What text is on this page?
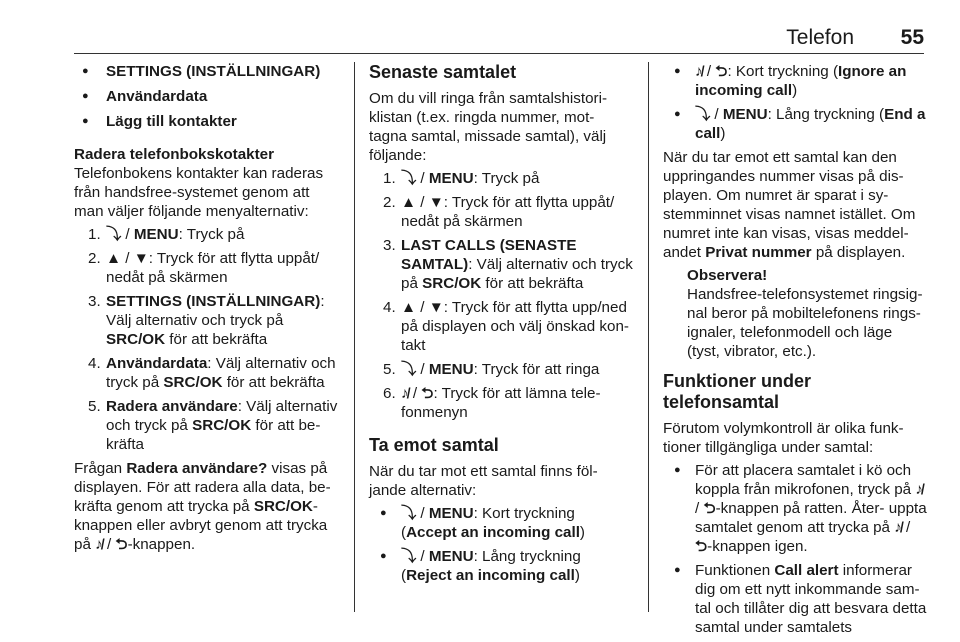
Telefon 55
● SETTINGS (INSTÄLLNINGAR)
● Användardata
● Lägg till kontakter

Radera telefonbokskotakter

Telefonbokens kontakter kan raderas från handsfree-systemet genom att man väljer följande menyalternativ:

1. ⤵ / MENU: Tryck på
2. ▲ / ▼: Tryck för att flytta uppåt/ nedåt på skärmen
3. SETTINGS (INSTÄLLNINGAR): Välj alternativ och tryck på SRC/OK för att bekräfta
4. Användardata: Välj alternativ och tryck på SRC/OK för att bekräfta
5. Radera användare: Välj alternativ och tryck på SRC/OK för att be- kräfta

Frågan Radera användare? visas på displayen. För att radera alla data, be- kräfta genom att trycka på SRC/OK- knappen eller avbryt genom att trycka på ♪̸ / ⮌-knappen.

Senaste samtalet

Om du vill ringa från samtalshistori- klistan (t.ex. ringda nummer, mot- tagna samtal, missade samtal), välj följande:

1. ⤵ / MENU: Tryck på
2. ▲ / ▼: Tryck för att flytta uppåt/ nedåt på skärmen
3. LAST CALLS (SENASTE SAMTAL): Välj alternativ och tryck på SRC/OK för att bekräfta
4. ▲ / ▼: Tryck för att flytta upp/ned på displayen och välj önskad kon- takt
5. ⤵ / MENU: Tryck för att ringa
6. ♪̸ / ⮌: Tryck för att lämna tele- fonmenyn
Ta emot samtal

När du tar mot ett samtal finns föl- jande alternativ:

● ⤵ / MENU: Kort tryckning (Accept an incoming call)
● ⤵ / MENU: Lång tryckning (Reject an incoming call)
● ♪̸ / ⮌: Kort tryckning (Ignore an incoming call)
● ⤵ / MENU: Lång tryckning (End a call)

När du tar emot ett samtal kan den uppringandes nummer visas på dis- playen. Om numret är sparat i sy- stemminnet visas namnet istället. Om numret inte kan visas, visas meddel- andet Privat nummer på displayen.

Observera!

Handsfree-telefonsystemet ringsig- nal beror på mobiltelefonens rings- ignaler, telefonmodell och läge (tyst, vibrator, etc.).

Funktioner under telefonsamtal

Förutom volymkontroll är olika funk- tioner tillgängliga under samtal:

● För att placera samtalet i kö och koppla från mikrofonen, tryck på ♪̸ / ⮌-knappen på ratten. Åter- uppta samtalet genom att trycka på ♪̸ / ⮌-knappen igen.
● Funktionen Call alert informerar dig om ett nytt inkommande sam- tal och tillåter dig att besvara detta samtal under samtalets
